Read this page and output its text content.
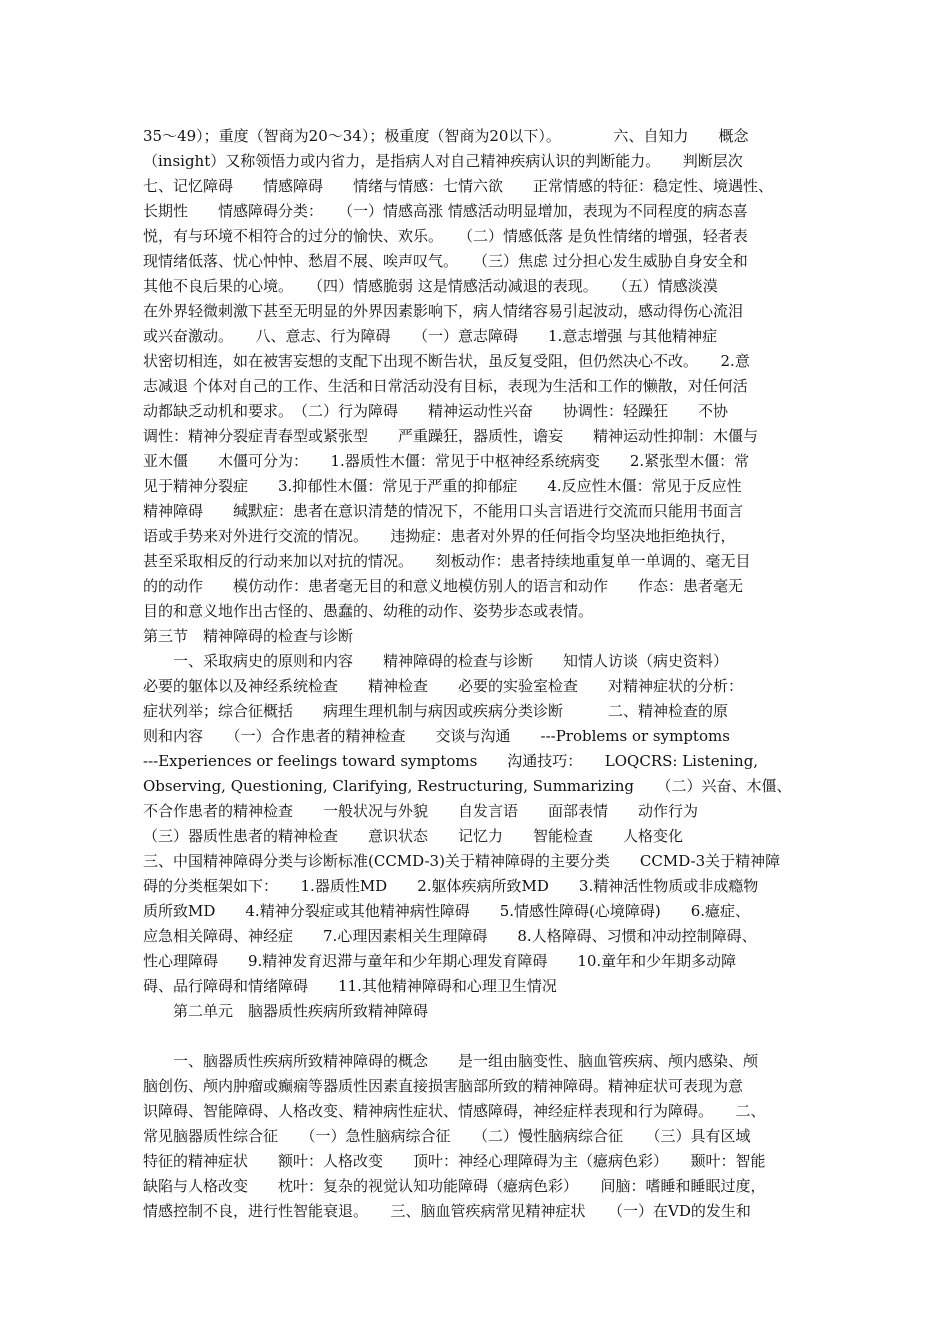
35～49）；重度（智商为20～34）；极重度（智商为20以下）。　　　　六、自知力　　概念
（insight）又称领悟力或内省力，是指病人对自己精神疾病认识的判断能力。　　判断层次
七、记忆障碍　　情感障碍　　情绪与情感：七情六欲　　正常情感的特征：稳定性、境遇性、
长期性　　情感障碍分类：　　（一）情感高涨 情感活动明显增加，表现为不同程度的病态喜
悦，有与环境不相符合的过分的愉快、欢乐。　　（二）情感低落 是负性情绪的增强，轻者表
现情绪低落、忧心忡忡、愁眉不展、唉声叹气。　　（三）焦虑 过分担心发生威胁自身安全和
其他不良后果的心境。　　（四）情感脆弱 这是情感活动减退的表现。　　（五）情感淡漠
在外界轻微刺激下甚至无明显的外界因素影响下，病人情绪容易引起波动，感动得伤心流泪
或兴奋激动。　　八、意志、行为障碍　　（一）意志障碍　　1.意志增强 与其他精神症
状密切相连，如在被害妄想的支配下出现不断告状，虽反复受阻，但仍然决心不改。　　2.意
志减退 个体对自己的工作、生活和日常活动没有目标，表现为生活和工作的懒散，对任何活
动都缺乏动机和要求。　（二）行为障碍　　精神运动性兴奋　　协调性：轻躁狂　　不协
调性：精神分裂症青春型或紧张型　　严重躁狂，器质性，谵妄　　精神运动性抑制：木僵与
亚木僵　　木僵可分为：　　1.器质性木僵：常见于中枢神经系统病变　　2.紧张型木僵：常
见于精神分裂症　　3.抑郁性木僵：常见于严重的抑郁症　　4.反应性木僵：常见于反应性
精神障碍　　缄默症：患者在意识清楚的情况下，不能用口头言语进行交流而只能用书面言
语或手势来对外进行交流的情况。　　违拗症：患者对外界的任何指令均坚决地拒绝执行，
甚至采取相反的行动来加以对抗的情况。　　刻板动作：患者持续地重复单一单调的、毫无目
的的动作　　模仿动作：患者毫无目的和意义地模仿别人的语言和动作　　作态：患者毫无
目的和意义地作出古怪的、愚蠢的、幼稚的动作、姿势步态或表情。
第三节　精神障碍的检查与诊断
　　一、采取病史的原则和内容　　精神障碍的检查与诊断　　知情人访谈（病史资料）
必要的躯体以及神经系统检查　　精神检查　　必要的实验室检查　　对精神症状的分析：
症状列举；综合征概括　　病理生理机制与病因或疾病分类诊断　　　二、精神检查的原
则和内容　　（一）合作患者的精神检查　　交谈与沟通　　---Problems or symptoms
---Experiences or feelings toward symptoms　　沟通技巧：　　LOQCRS: Listening,
Observing, Questioning, Clarifying, Restructuring, Summarizing　　（二）兴奋、木僵、
不合作患者的精神检查　　一般状况与外貌　　自发言语　　面部表情　　动作行为
（三）器质性患者的精神检查　　意识状态　　记忆力　　智能检查　　人格变化
三、中国精神障碍分类与诊断标准(CCMD-3)关于精神障碍的主要分类　　CCMD-3关于精神障
碍的分类框架如下：　　1.器质性MD　　2.躯体疾病所致MD　　3.精神活性物质或非成瘾物
质所致MD　　4.精神分裂症或其他精神病性障碍　　5.情感性障碍(心境障碍)　　6.癔症、
应急相关障碍、神经症　　7.心理因素相关生理障碍　　8.人格障碍、习惯和冲动控制障碍、
性心理障碍　　9.精神发育迟滞与童年和少年期心理发育障碍　　10.童年和少年期多动障
碍、品行障碍和情绪障碍　　11.其他精神障碍和心理卫生情况
　　第二单元　脑器质性疾病所致精神障碍
　　一、脑器质性疾病所致精神障碍的概念　　是一组由脑变性、脑血管疾病、颅内感染、颅
脑创伤、颅内肿瘤或癫痫等器质性因素直接损害脑部所致的精神障碍。精神症状可表现为意
识障碍、智能障碍、人格改变、精神病性症状、情感障碍，神经症样表现和行为障碍。　　二、
常见脑器质性综合征　　（一）急性脑病综合征　　（二）慢性脑病综合征　　（三）具有区域
特征的精神症状　　额叶：人格改变　　顶叶：神经心理障碍为主（癔病色彩）　　颞叶：智能
缺陷与人格改变　　枕叶：复杂的视觉认知功能障碍（癔病色彩）　　间脑：嗜睡和睡眠过度，
情感控制不良，进行性智能衰退。　　三、脑血管疾病常见精神症状　　（一）在VD的发生和
